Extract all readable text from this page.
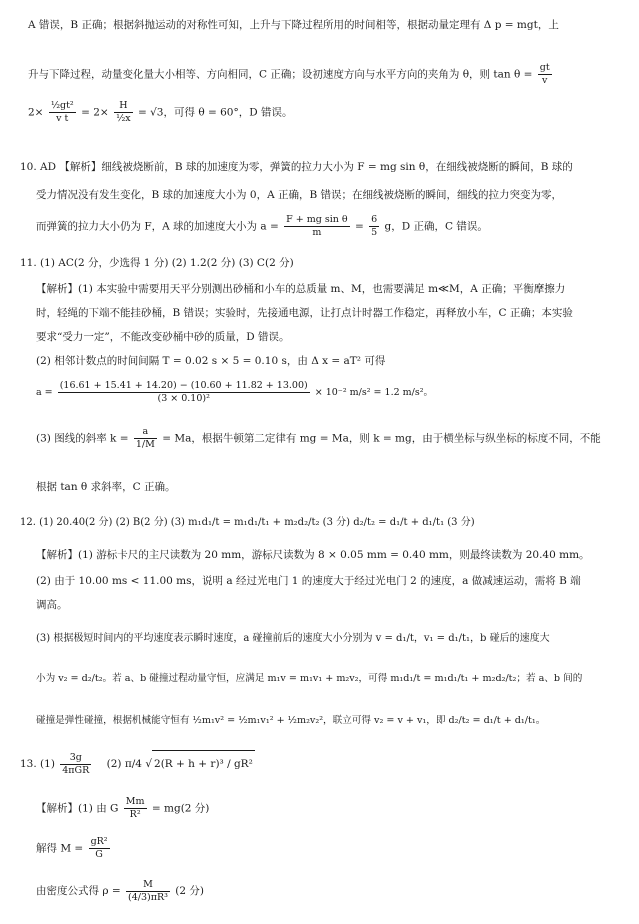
A 错误，B 正确；根据斜抛运动的对称性可知，上升与下降过程所用的时间相等，根据动量定理有 Δ p = mgt，上
升与下降过程，动量变化量大小相等、方向相同，C 正确；设初速度方向与水平方向的夹角为 θ，则 $\tan \theta = \frac{gt}{v}$
$2\times \frac{\text{½gt²}}{\text{v t}} = 2\times \frac{H}{\text{½x}} = √3$，可得 θ = 60°，D 错误。
10. AD 【解析】细线被烧断前，B 球的加速度为零，弹簧的拉力大小为 F = mg sin θ，在细线被烧断的瞬间，B 球的
受力情况没有发生变化，B 球的加速度大小为 0，A 正确，B 错误；在细线被烧断的瞬间，细线的拉力突变为零，
而弹簧的拉力大小仍为 F，A 球的加速度大小为 $a = \frac{\text{F + mg sin θ}}{m} = \frac{6}{5}$ g，D 正确，C 错误。
11. (1) AC(2 分，少选得 1 分) (2) 1.2(2 分) (3) C(2 分)
【解析】(1) 本实验中需要用天平分别测出砂桶和小车的总质量 m、M，也需要满足 m≪M，A 正确；平衡摩擦力
时，轻绳的下端不能挂砂桶，B 错误；实验时，先接通电源，让打点计时器工作稳定，再释放小车，C 正确；本实验
要求“受力一定”，不能改变砂桶中砂的质量，D 错误。
(2) 相邻计数点的时间间隔 T = 0.02 s × 5 = 0.10 s，由 Δ x = aT² 可得
$a = \frac{(16.61 + 15.41 + 14.20) - (10.60 + 11.82 + 13.00)}{\text{(3 × 0.10)²}} \times 10^{-2}$ m/s² = 1.2 m/s²。
(3) 图线的斜率 $k = \frac{a}{1/M} = Ma$，根据牛顿第二定律有 mg = Ma，则 k = mg，由于横坐标与纵坐标的标度不同，不能
根据 tan θ 求斜率，C 正确。
12. (1) 20.40(2 分) (2) B(2 分) (3) m₁d₁/t = m₁d₁/t₁ + m₂d₂/t₂ (3 分) d₂/t₂ = d₁/t + d₁/t₁ (3 分)
【解析】(1) 游标卡尺的主尺读数为 20 mm，游标尺读数为 8 × 0.05 mm = 0.40 mm，则最终读数为 20.40 mm。
(2) 由于 10.00 ms < 11.00 ms，说明 a 经过光电门 1 的速度大于经过光电门 2 的速度，a 做减速运动，需将 B 端
调高。
(3) 根据极短时间内的平均速度表示瞬时速度，a 碰撞前后的速度大小分别为 v = d₁/t，v₁ = d₁/t₁，b 碰后的速度大
小为 v₂ = d₂/t₂。若 a、b 碰撞过程动量守恒，应满足 m₁v = m₁v₁ + m₂v₂，可得 m₁d₁/t = m₁d₁/t₁ + m₂d₂/t₂；若 a、b 间的
碰撞是弹性碰撞，根据机械能守恒有 ½m₁v² = ½m₁v₁² + ½m₂v₂²，联立可得 v₂ = v + v₁，即 d₂/t₂ = d₁/t + d₁/t₁。
13. $(1) \frac{3g}{\text{4πGR}} (2)$ π/4 √ 2(R + h + r)³ / gR²
【解析】(1) 由 G $\frac{Mm}{\text{R²}} = mg(2$ 分)
解得 $M = \frac{\text{gR²}}{G}$
由密度公式得 $\rho = \frac{M}{\text{(4/3)πR³}} (2$ 分)
